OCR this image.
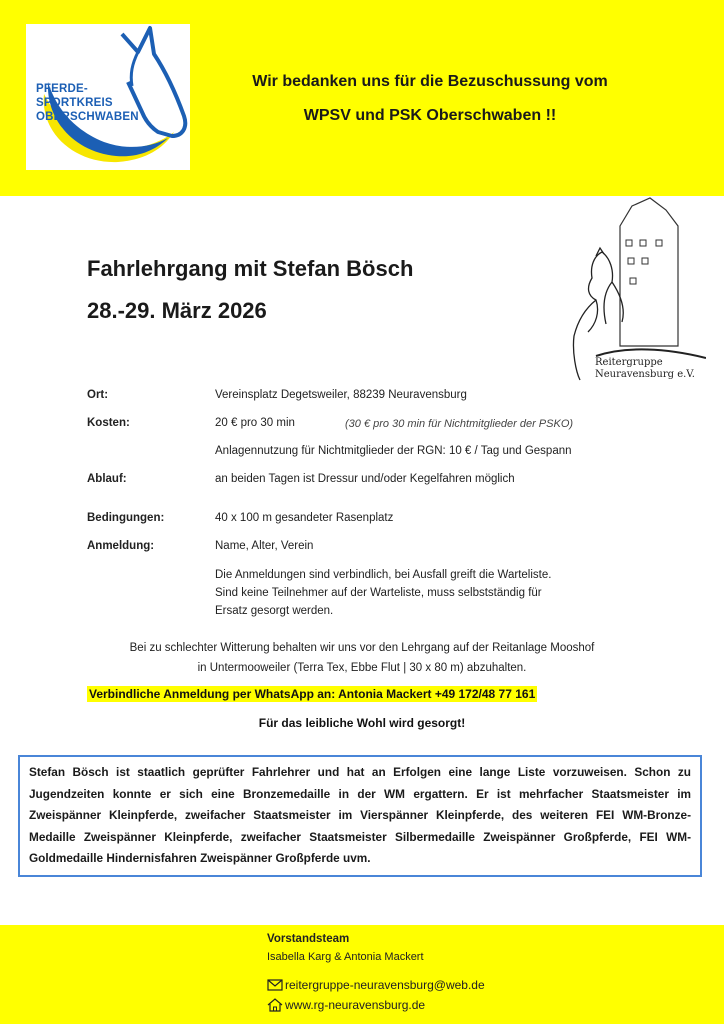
PFERDE-
SPORTKREIS
OBERSCHWABEN
Wir bedanken uns für die Bezuschussung vom
WPSV und PSK Oberschwaben !!
Fahrlehrgang mit Stefan Bösch
28.-29. März 2026
Reitergruppe
Neuravensburg e.V.
Ort:	Vereinsplatz Degetsweiler, 88239 Neuravensburg
Kosten:	20 € pro 30 min	(30 € pro 30 min für Nichtmitglieder der PSKO)
Anlagennutzung für Nichtmitglieder der RGN: 10 € / Tag und Gespann
Ablauf:	an beiden Tagen ist Dressur und/oder Kegelfahren möglich
Bedingungen:	40 x 100 m gesandeter Rasenplatz
Anmeldung:	Name, Alter, Verein
Die Anmeldungen sind verbindlich, bei Ausfall greift die Warteliste.
Sind keine Teilnehmer auf der Warteliste, muss selbstständig für
Ersatz gesorgt werden.
Bei zu schlechter Witterung behalten wir uns vor den Lehrgang auf der Reitanlage Mooshof
in Untermooweiler (Terra Tex, Ebbe Flut | 30 x 80 m) abzuhalten.
Verbindliche Anmeldung per WhatsApp an: Antonia Mackert +49 172/48 77 161
Für das leibliche Wohl wird gesorgt!

Stefan Bösch ist staatlich geprüfter Fahrlehrer und hat an Erfolgen eine lange Liste vorzuweisen. Schon zu Jugendzeiten konnte er sich eine Bronzemedaille in der WM ergattern. Er ist mehrfacher Staatsmeister im Zweispänner Kleinpferde, zweifacher Staatsmeister im Vierspänner Kleinpferde, des weiteren FEI WM-Bronze-Medaille Zweispänner Kleinpferde, zweifacher Staatsmeister Silbermedaille Zweispänner Großpferde, FEI WM-Goldmedaille Hindernisfahren Zweispänner Großpferde uvm.

Vorstandsteam
Isabella Karg & Antonia Mackert
reitergruppe-neuravensburg@web.de
www.rg-neuravensburg.de
